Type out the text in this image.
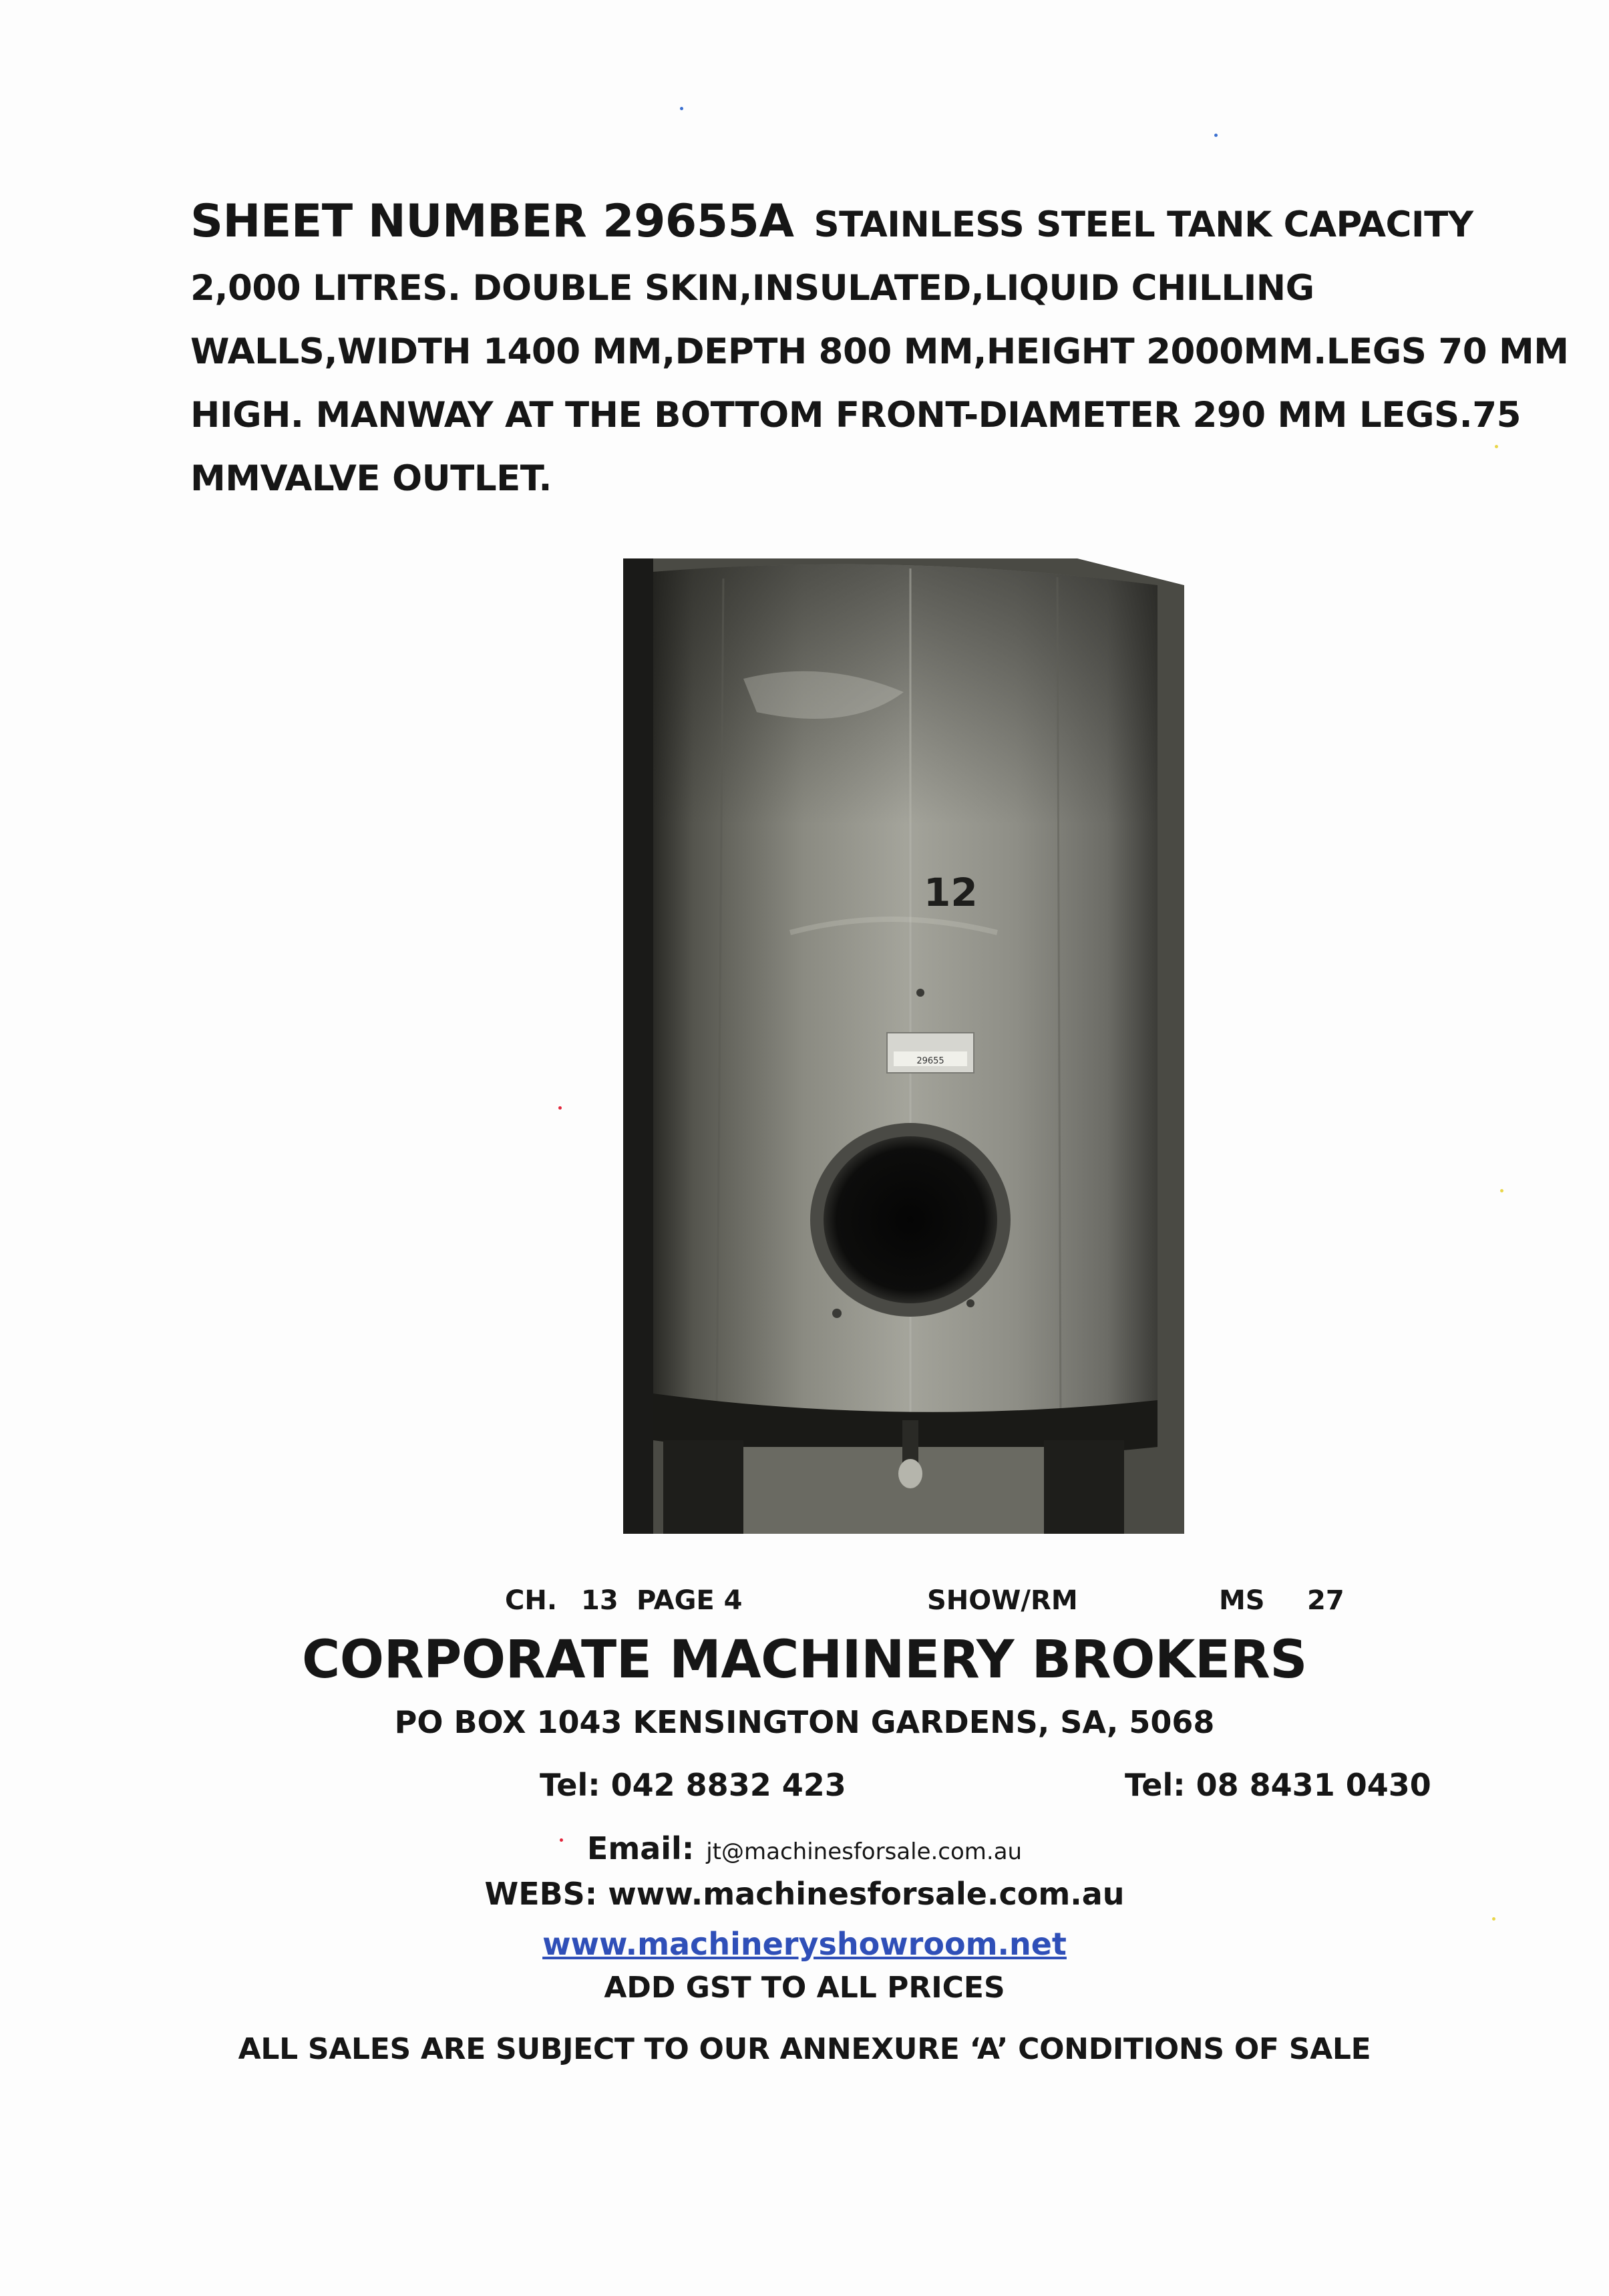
SHEET NUMBER 29655A STAINLESS STEEL TANK CAPACITY 2,000 LITRES. DOUBLE SKIN,INSULATED,LIQUID CHILLING WALLS,WIDTH 1400 MM,DEPTH 800 MM,HEIGHT 2000MM.LEGS 70 MM HIGH. MANWAY AT THE BOTTOM FRONT-DIAMETER 290 MM LEGS.75 MMVALVE OUTLET.
12
29655
CH. 13 PAGE 4	SHOW/RM	MS 27
CORPORATE MACHINERY BROKERS
PO BOX 1043 KENSINGTON GARDENS, SA, 5068
Tel: 042 8832 423	Tel: 08 8431 0430
Email: jt@machinesforsale.com.au
WEBS: www.machinesforsale.com.au
www.machineryshowroom.net
ADD GST TO ALL PRICES
ALL SALES ARE SUBJECT TO OUR ANNEXURE ‘A’ CONDITIONS OF SALE
